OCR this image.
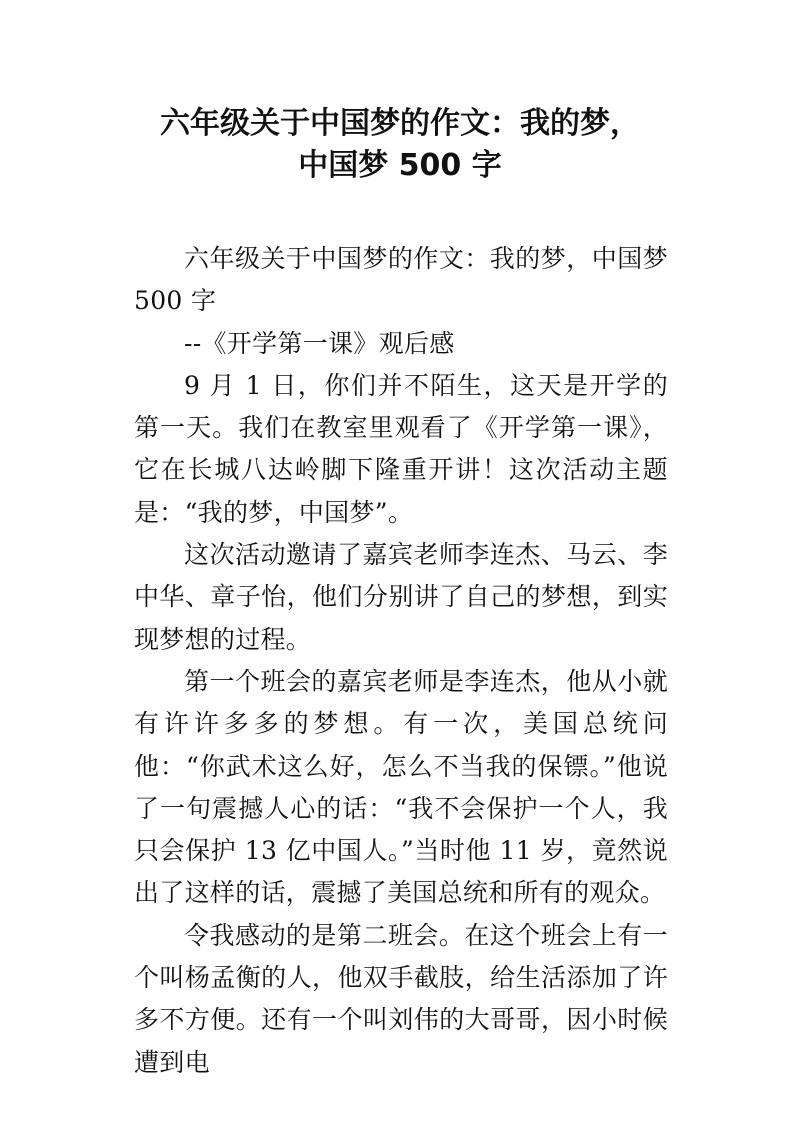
六年级关于中国梦的作文：我的梦，
中国梦 500 字

六年级关于中国梦的作文：我的梦，中国梦 500 字

--《开学第一课》观后感

9 月 1 日，你们并不陌生，这天是开学的第一天。我们在教室里观看了《开学第一课》，它在长城八达岭脚下隆重开讲！这次活动主题是：“我的梦，中国梦”。

这次活动邀请了嘉宾老师李连杰、马云、李中华、章子怡，他们分别讲了自己的梦想，到实现梦想的过程。

第一个班会的嘉宾老师是李连杰，他从小就有许许多多的梦想。有一次，美国总统问他：“你武术这么好，怎么不当我的保镖。”他说了一句震撼人心的话：“我不会保护一个人，我只会保护 13 亿中国人。”当时他 11 岁，竟然说出了这样的话，震撼了美国总统和所有的观众。

令我感动的是第二班会。在这个班会上有一个叫杨孟衡的人，他双手截肢，给生活添加了许多不方便。还有一个叫刘伟的大哥哥，因小时候遭到电
